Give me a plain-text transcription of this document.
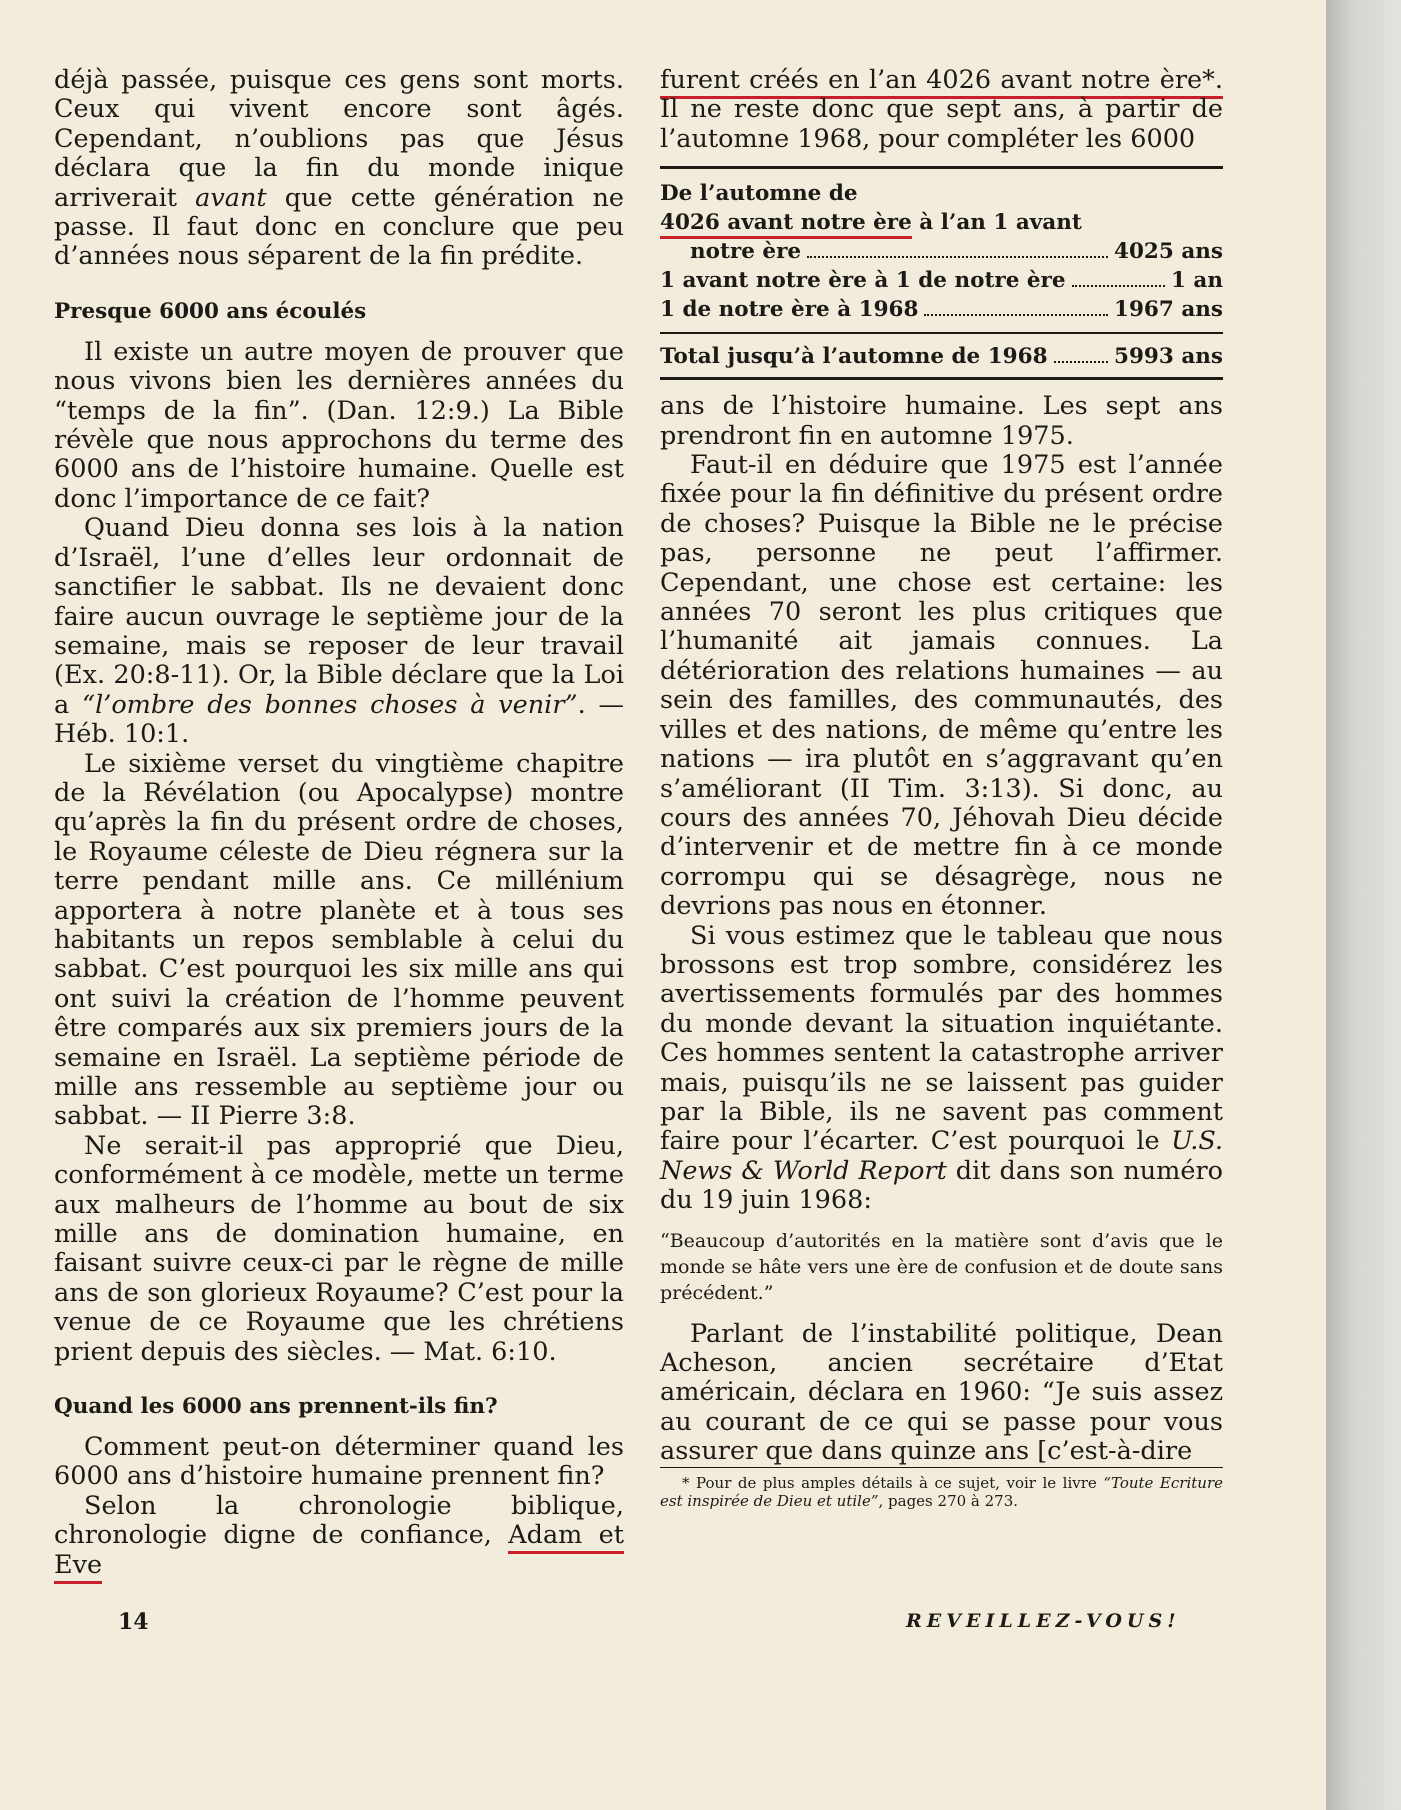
déjà passée, puisque ces gens sont morts. Ceux qui vivent encore sont âgés. Cependant, n’oublions pas que Jésus déclara que la fin du monde inique arriverait avant que cette génération ne passe. Il faut donc en conclure que peu d’années nous séparent de la fin prédite.

Presque 6000 ans écoulés

Il existe un autre moyen de prouver que nous vivons bien les dernières années du “temps de la fin”. (Dan. 12:9.) La Bible révèle que nous approchons du terme des 6000 ans de l’histoire humaine. Quelle est donc l’importance de ce fait?

Quand Dieu donna ses lois à la nation d’Israël, l’une d’elles leur ordonnait de sanctifier le sabbat. Ils ne devaient donc faire aucun ouvrage le septième jour de la semaine, mais se reposer de leur travail (Ex. 20:8-11). Or, la Bible déclare que la Loi a “l’ombre des bonnes choses à venir”. — Héb. 10:1.

Le sixième verset du vingtième chapitre de la Révélation (ou Apocalypse) montre qu’après la fin du présent ordre de choses, le Royaume céleste de Dieu régnera sur la terre pendant mille ans. Ce millénium apportera à notre planète et à tous ses habitants un repos semblable à celui du sabbat. C’est pourquoi les six mille ans qui ont suivi la création de l’homme peuvent être comparés aux six premiers jours de la semaine en Israël. La septième période de mille ans ressemble au septième jour ou sabbat. — II Pierre 3:8.

Ne serait-il pas approprié que Dieu, conformément à ce modèle, mette un terme aux malheurs de l’homme au bout de six mille ans de domination humaine, en faisant suivre ceux-ci par le règne de mille ans de son glorieux Royaume? C’est pour la venue de ce Royaume que les chrétiens prient depuis des siècles. — Mat. 6:10.

Quand les 6000 ans prennent-ils fin?

Comment peut-on déterminer quand les 6000 ans d’histoire humaine prennent fin?

Selon la chronologie biblique, chronologie digne de confiance, Adam et Eve

furent créés en l’an 4026 avant notre ère*. Il ne reste donc que sept ans, à partir de l’automne 1968, pour compléter les 6000

De l’automne de
4026 avant notre ère à l’an 1 avant
notre ère	4025 ans
1 avant notre ère à 1 de notre ère	1 an
1 de notre ère à 1968	1967 ans
Total jusqu’à l’automne de 1968	5993 ans

ans de l’histoire humaine. Les sept ans prendront fin en automne 1975.

Faut-il en déduire que 1975 est l’année fixée pour la fin définitive du présent ordre de choses? Puisque la Bible ne le précise pas, personne ne peut l’affirmer. Cependant, une chose est certaine: les années 70 seront les plus critiques que l’humanité ait jamais connues. La détérioration des relations humaines — au sein des familles, des communautés, des villes et des nations, de même qu’entre les nations — ira plutôt en s’aggravant qu’en s’améliorant (II Tim. 3:13). Si donc, au cours des années 70, Jéhovah Dieu décide d’intervenir et de mettre fin à ce monde corrompu qui se désagrège, nous ne devrions pas nous en étonner.

Si vous estimez que le tableau que nous brossons est trop sombre, considérez les avertissements formulés par des hommes du monde devant la situation inquiétante. Ces hommes sentent la catastrophe arriver mais, puisqu’ils ne se laissent pas guider par la Bible, ils ne savent pas comment faire pour l’écarter. C’est pourquoi le U.S. News & World Report dit dans son numéro du 19 juin 1968:

“Beaucoup d’autorités en la matière sont d’avis que le monde se hâte vers une ère de confusion et de doute sans précédent.”

Parlant de l’instabilité politique, Dean Acheson, ancien secrétaire d’Etat américain, déclara en 1960: “Je suis assez au courant de ce qui se passe pour vous assurer que dans quinze ans [c’est-à-dire

* Pour de plus amples détails à ce sujet, voir le livre “Toute Ecriture est inspirée de Dieu et utile”, pages 270 à 273.

14	REVEILLEZ-VOUS!
